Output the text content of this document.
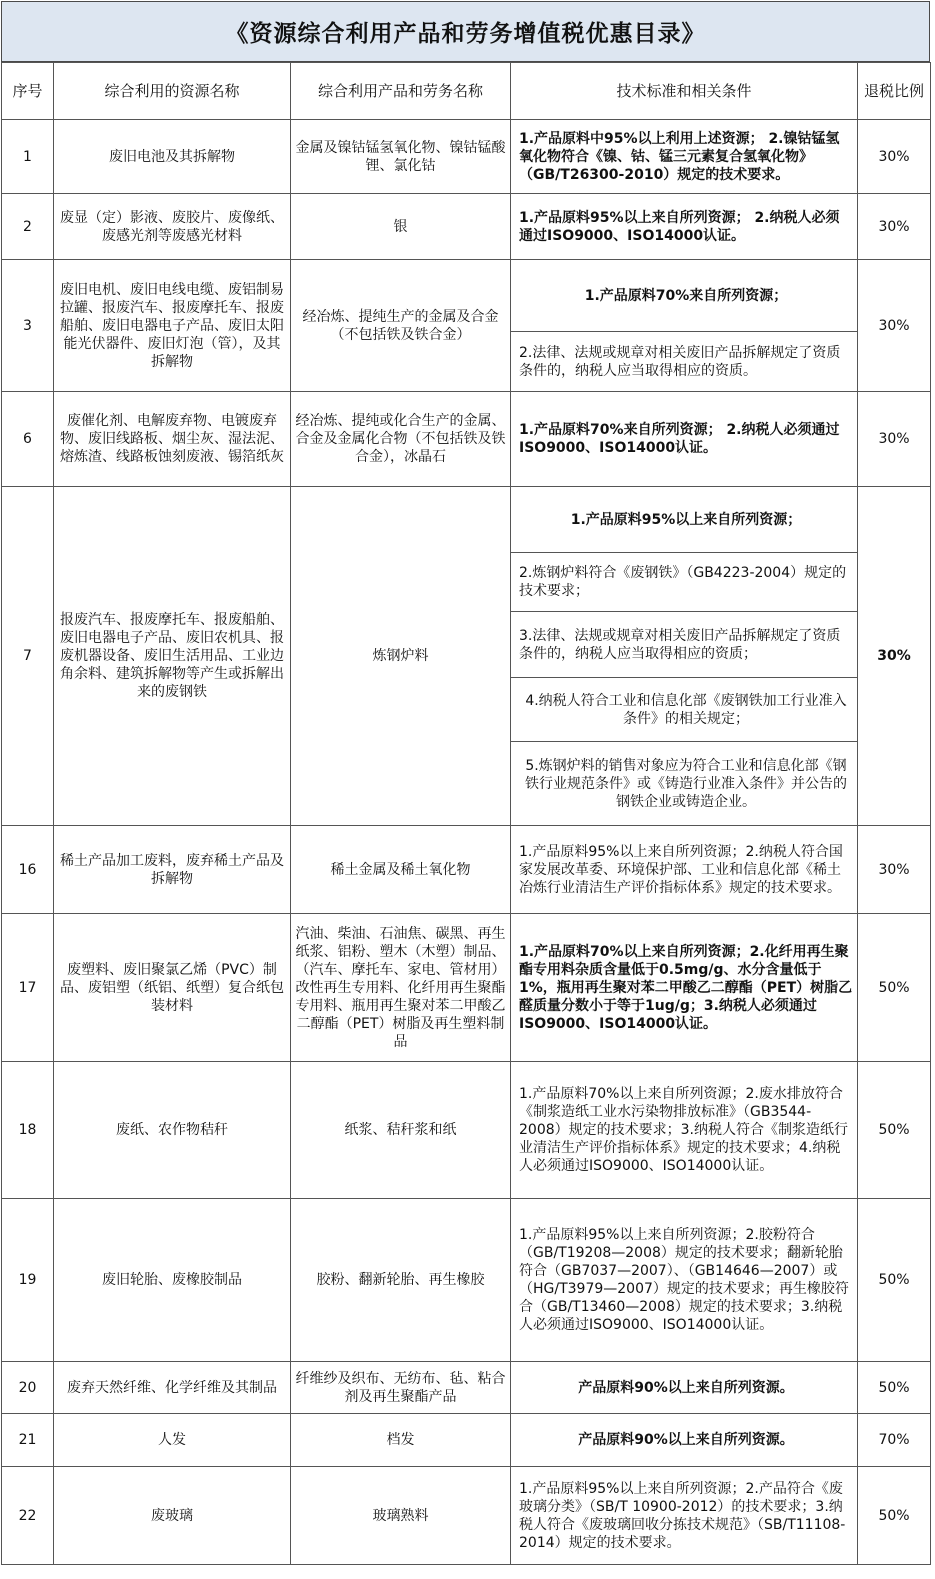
《资源综合利用产品和劳务增值税优惠目录》
序号	综合利用的资源名称	综合利用产品和劳务名称	技术标准和相关条件	退税比例
1	废旧电池及其拆解物	金属及镍钴锰氢氧化物、镍钴锰酸锂、氯化钴	1.产品原料中95%以上利用上述资源； 2.镍钴锰氢氧化物符合《镍、钴、锰三元素复合氢氧化物》（GB/T26300-2010）规定的技术要求。	30%
2	废显（定）影液、废胶片、废像纸、废感光剂等废感光材料	银	1.产品原料95%以上来自所列资源； 2.纳税人必须通过ISO9000、ISO14000认证。	30%
3	废旧电机、废旧电线电缆、废铝制易拉罐、报废汽车、报废摩托车、报废船舶、废旧电器电子产品、废旧太阳能光伏器件、废旧灯泡（管），及其拆解物	经冶炼、提纯生产的金属及合金（不包括铁及铁合金）	1.产品原料70%来自所列资源；	30%
			2.法律、法规或规章对相关废旧产品拆解规定了资质条件的，纳税人应当取得相应的资质。	
6	废催化剂、电解废弃物、电镀废弃物、废旧线路板、烟尘灰、湿法泥、熔炼渣、线路板蚀刻废液、锡箔纸灰	经冶炼、提纯或化合生产的金属、合金及金属化合物（不包括铁及铁合金），冰晶石	1.产品原料70%来自所列资源； 2.纳税人必须通过ISO9000、ISO14000认证。	30%
7	报废汽车、报废摩托车、报废船舶、废旧电器电子产品、废旧农机具、报废机器设备、废旧生活用品、工业边角余料、建筑拆解物等产生或拆解出来的废钢铁	炼钢炉料	1.产品原料95%以上来自所列资源；	30%
			2.炼钢炉料符合《废钢铁》（GB4223-2004）规定的技术要求；	
			3.法律、法规或规章对相关废旧产品拆解规定了资质条件的，纳税人应当取得相应的资质；	
			4.纳税人符合工业和信息化部《废钢铁加工行业准入条件》的相关规定；	
			5.炼钢炉料的销售对象应为符合工业和信息化部《钢铁行业规范条件》或《铸造行业准入条件》并公告的钢铁企业或铸造企业。	
16	稀土产品加工废料，废弃稀土产品及拆解物	稀土金属及稀土氧化物	1.产品原料95%以上来自所列资源；2.纳税人符合国家发展改革委、环境保护部、工业和信息化部《稀土冶炼行业清洁生产评价指标体系》规定的技术要求。	30%
17	废塑料、废旧聚氯乙烯（PVC）制品、废铝塑（纸铝、纸塑）复合纸包装材料	汽油、柴油、石油焦、碳黑、再生纸浆、铝粉、塑木（木塑）制品、（汽车、摩托车、家电、管材用）改性再生专用料、化纤用再生聚酯专用料、瓶用再生聚对苯二甲酸乙二醇酯（PET）树脂及再生塑料制品	1.产品原料70%以上来自所列资源；2.化纤用再生聚酯专用料杂质含量低于0.5mg/g、水分含量低于1%，瓶用再生聚对苯二甲酸乙二醇酯（PET）树脂乙醛质量分数小于等于1ug/g；3.纳税人必须通过ISO9000、ISO14000认证。	50%
18	废纸、农作物秸秆	纸浆、秸秆浆和纸	1.产品原料70%以上来自所列资源；2.废水排放符合《制浆造纸工业水污染物排放标准》（GB3544-2008）规定的技术要求；3.纳税人符合《制浆造纸行业清洁生产评价指标体系》规定的技术要求；4.纳税人必须通过ISO9000、ISO14000认证。	50%
19	废旧轮胎、废橡胶制品	胶粉、翻新轮胎、再生橡胶	1.产品原料95%以上来自所列资源；2.胶粉符合（GB/T19208—2008）规定的技术要求；翻新轮胎符合（GB7037—2007）、（GB14646—2007）或（HG/T3979—2007）规定的技术要求；再生橡胶符合（GB/T13460—2008）规定的技术要求；3.纳税人必须通过ISO9000、ISO14000认证。	50%
20	废弃天然纤维、化学纤维及其制品	纤维纱及织布、无纺布、毡、粘合剂及再生聚酯产品	产品原料90%以上来自所列资源。	50%
21	人发	档发	产品原料90%以上来自所列资源。	70%
22	废玻璃	玻璃熟料	1.产品原料95%以上来自所列资源；2.产品符合《废玻璃分类》（SB/T 10900-2012）的技术要求；3.纳税人符合《废玻璃回收分拣技术规范》（SB/T11108-2014）规定的技术要求。	50%
